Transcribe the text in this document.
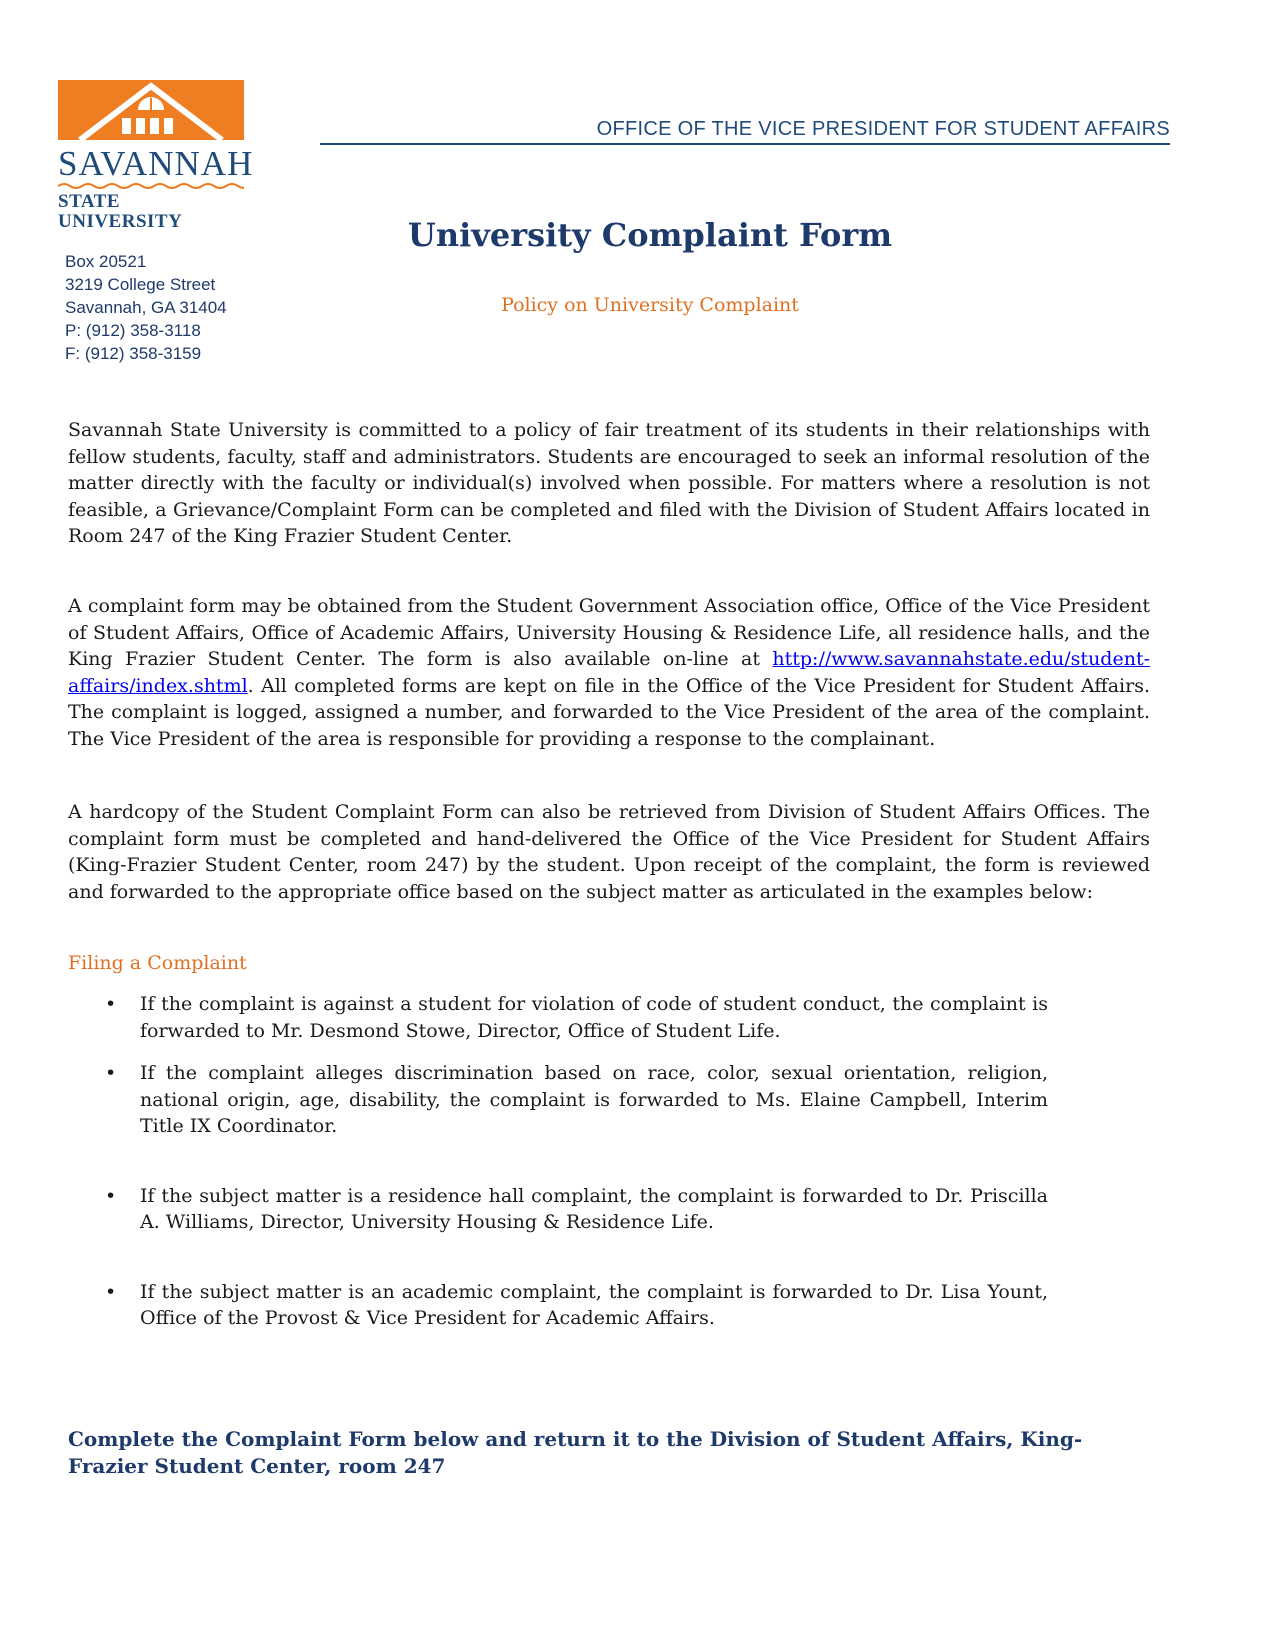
SAVANNAH
STATE UNIVERSITY
OFFICE OF THE VICE PRESIDENT FOR STUDENT AFFAIRS
Box 20521
3219 College Street
Savannah, GA 31404
P: (912) 358-3118
F: (912) 358-3159
University Complaint Form
Policy on University Complaint

Savannah State University is committed to a policy of fair treatment of its students in their relationships with fellow students, faculty, staff and administrators. Students are encouraged to seek an informal resolution of the matter directly with the faculty or individual(s) involved when possible. For matters where a resolution is not feasible, a Grievance/Complaint Form can be completed and filed with the Division of Student Affairs located in Room 247 of the King Frazier Student Center.

A complaint form may be obtained from the Student Government Association office, Office of the Vice President of Student Affairs, Office of Academic Affairs, University Housing & Residence Life, all residence halls, and the King Frazier Student Center. The form is also available on-line at http://www.savannahstate.edu/student-affairs/index.shtml. All completed forms are kept on file in the Office of the Vice President for Student Affairs. The complaint is logged, assigned a number, and forwarded to the Vice President of the area of the complaint. The Vice President of the area is responsible for providing a response to the complainant.

A hardcopy of the Student Complaint Form can also be retrieved from Division of Student Affairs Offices. The complaint form must be completed and hand-delivered the Office of the Vice President for Student Affairs (King-Frazier Student Center, room 247) by the student. Upon receipt of the complaint, the form is reviewed and forwarded to the appropriate office based on the subject matter as articulated in the examples below:

Filing a Complaint
• If the complaint is against a student for violation of code of student conduct, the complaint is forwarded to Mr. Desmond Stowe, Director, Office of Student Life.
• If the complaint alleges discrimination based on race, color, sexual orientation, religion, national origin, age, disability, the complaint is forwarded to Ms. Elaine Campbell, Interim Title IX Coordinator.
• If the subject matter is a residence hall complaint, the complaint is forwarded to Dr. Priscilla A. Williams, Director, University Housing & Residence Life.
• If the subject matter is an academic complaint, the complaint is forwarded to Dr. Lisa Yount, Office of the Provost & Vice President for Academic Affairs.
Complete the Complaint Form below and return it to the Division of Student Affairs, King-Frazier Student Center, room 247
